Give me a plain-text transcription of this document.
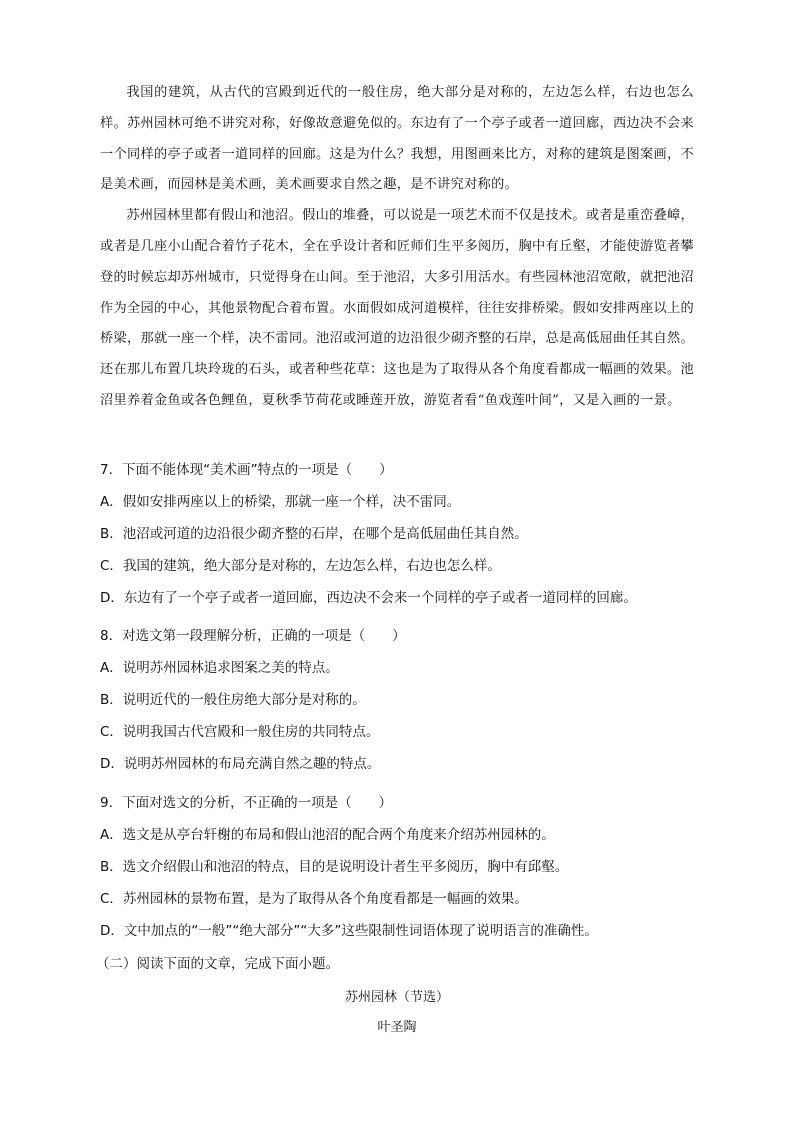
我国的建筑，从古代的宫殿到近代的一般住房，绝大部分是对称的，左边怎么样，右边也怎么样。苏州园林可绝不讲究对称，好像故意避免似的。东边有了一个亭子或者一道回廊，西边决不会来一个同样的亭子或者一道同样的回廊。这是为什么？我想，用图画来比方，对称的建筑是图案画，不是美术画，而园林是美术画，美术画要求自然之趣，是不讲究对称的。

苏州园林里都有假山和池沼。假山的堆叠，可以说是一项艺术而不仅是技术。或者是重峦叠嶂，或者是几座小山配合着竹子花木，全在乎设计者和匠师们生平多阅历，胸中有丘壑，才能使游览者攀登的时候忘却苏州城市，只觉得身在山间。至于池沼，大多引用活水。有些园林池沼宽敞，就把池沼作为全园的中心，其他景物配合着布置。水面假如成河道模样，往往安排桥梁。假如安排两座以上的桥梁，那就一座一个样，决不雷同。池沼或河道的边沿很少砌齐整的石岸，总是高低屈曲任其自然。还在那儿布置几块玲珑的石头，或者种些花草：这也是为了取得从各个角度看都成一幅画的效果。池沼里养着金鱼或各色鲤鱼，夏秋季节荷花或睡莲开放，游览者看“鱼戏莲叶间”，又是入画的一景。

7．下面不能体现“美术画”特点的一项是（　　）
A．假如安排两座以上的桥梁，那就一座一个样，决不雷同。
B．池沼或河道的边沿很少砌齐整的石岸，在哪个是高低屈曲任其自然。
C．我国的建筑，绝大部分是对称的，左边怎么样，右边也怎么样。
D．东边有了一个亭子或者一道回廊，西边决不会来一个同样的亭子或者一道同样的回廊。
8．对选文第一段理解分析，正确的一项是（　　）
A．说明苏州园林追求图案之美的特点。
B．说明近代的一般住房绝大部分是对称的。
C．说明我国古代宫殿和一般住房的共同特点。
D．说明苏州园林的布局充满自然之趣的特点。
9．下面对选文的分析，不正确的一项是（　　）
A．选文是从亭台轩榭的布局和假山池沼的配合两个角度来介绍苏州园林的。
B．选文介绍假山和池沼的特点，目的是说明设计者生平多阅历，胸中有邱壑。
C．苏州园林的景物布置，是为了取得从各个角度看都是一幅画的效果。
D．文中加点的“一般”“绝大部分”“大多”这些限制性词语体现了说明语言的准确性。
（二）阅读下面的文章，完成下面小题。
苏州园林（节选）
叶圣陶
